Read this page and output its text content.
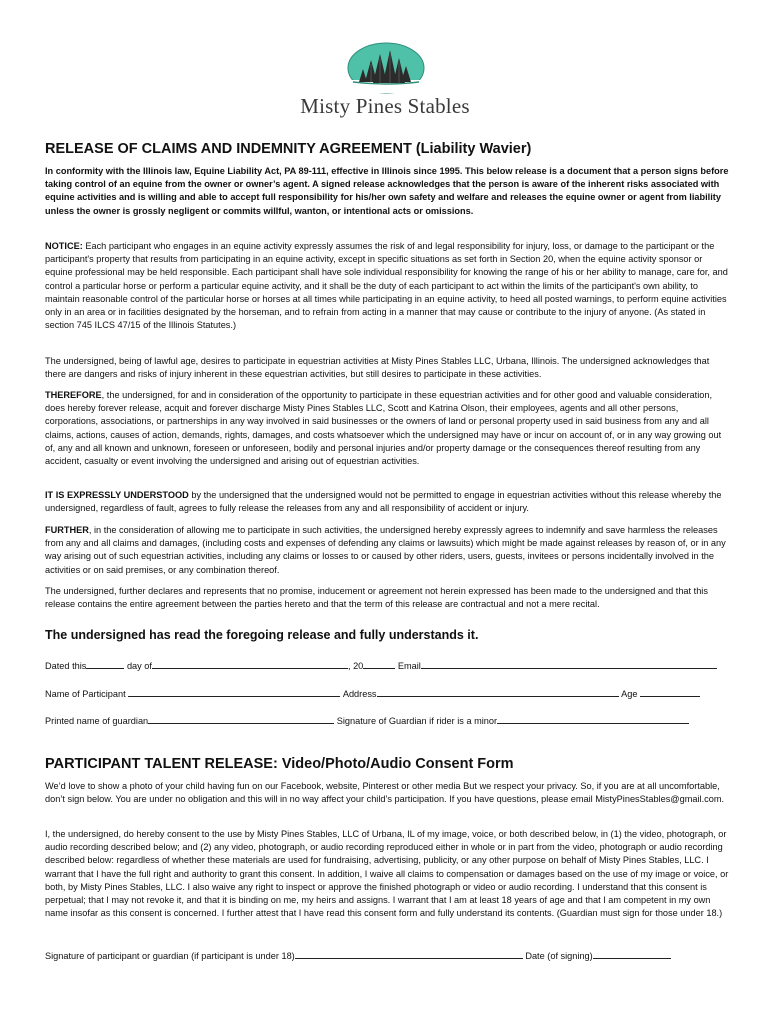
Misty Pines Stables
RELEASE OF CLAIMS AND INDEMNITY AGREEMENT (Liability Wavier)
In conformity with the Illinois law, Equine Liability Act, PA 89-111, effective in Illinois since 1995. This below release is a document that a person signs before taking control of an equine from the owner or owner’s agent. A signed release acknowledges that the person is aware of the inherent risks associated with equine activities and is willing and able to accept full responsibility for his/her own safety and welfare and releases the equine owner or agent from liability unless the owner is grossly negligent or commits willful, wanton, or intentional acts or omissions.
NOTICE: Each participant who engages in an equine activity expressly assumes the risk of and legal responsibility for injury, loss, or damage to the participant or the participant's property that results from participating in an equine activity, except in specific situations as set forth in Section 20, when the equine activity sponsor or equine professional may be held responsible. Each participant shall have sole individual responsibility for knowing the range of his or her ability to manage, care for, and control a particular horse or perform a particular equine activity, and it shall be the duty of each participant to act within the limits of the participant's own ability, to maintain reasonable control of the particular horse or horses at all times while participating in an equine activity, to heed all posted warnings, to perform equine activities only in an area or in facilities designated by the horseman, and to refrain from acting in a manner that may cause or contribute to the injury of anyone. (As stated in section 745 ILCS 47/15 of the Illinois Statutes.)
The undersigned, being of lawful age, desires to participate in equestrian activities at Misty Pines Stables LLC, Urbana, Illinois. The undersigned acknowledges that there are dangers and risks of injury inherent in these equestrian activities, but still desires to participate in these activities.
THEREFORE, the undersigned, for and in consideration of the opportunity to participate in these equestrian activities and for other good and valuable consideration, does hereby forever release, acquit and forever discharge Misty Pines Stables LLC, Scott and Katrina Olson, their employees, agents and all other persons, corporations, associations, or partnerships in any way involved in said businesses or the owners of land or personal property used in said business from any and all claims, actions, causes of action, demands, rights, damages, and costs whatsoever which the undersigned may have or incur on account of, or in any way growing out of, any and all known and unknown, foreseen or unforeseen, bodily and personal injuries and/or property damage or the consequences thereof resulting from any accident, casualty or event involving the undersigned and arising out of equestrian activities.
IT IS EXPRESSLY UNDERSTOOD by the undersigned that the undersigned would not be permitted to engage in equestrian activities without this release whereby the undersigned, regardless of fault, agrees to fully release the releases from any and all responsibility of accident or injury.
FURTHER, in the consideration of allowing me to participate in such activities, the undersigned hereby expressly agrees to indemnify and save harmless the releases from any and all claims and damages, (including costs and expenses of defending any claims or lawsuits) which might be made against releases by reason of, or in any way arising out of such equestrian activities, including any claims or losses to or caused by other riders, users, guests, invitees or persons incidentally involved in the activities or on said premises, or any combination thereof.
The undersigned, further declares and represents that no promise, inducement or agreement not herein expressed has been made to the undersigned and that this release contains the entire agreement between the parties hereto and that the term of this release are contractual and not a mere recital.
The undersigned has read the foregoing release and fully understands it.
Dated this	day of	, 20	Email
Name of Participant	Address	Age
Printed name of guardian	Signature of Guardian if rider is a minor
PARTICIPANT TALENT RELEASE: Video/Photo/Audio Consent Form
We’d love to show a photo of your child having fun on our Facebook, website, Pinterest or other media But we respect your privacy. So, if you are at all uncomfortable, don’t sign below. You are under no obligation and this will in no way affect your child’s participation. If you have questions, please email MistyPinesStables@gmail.com.
I, the undersigned, do hereby consent to the use by Misty Pines Stables, LLC of Urbana, IL of my image, voice, or both described below, in (1) the video, photograph, or audio recording described below; and (2) any video, photograph, or audio recording reproduced either in whole or in part from the video, photograph or audio recording described below: regardless of whether these materials are used for fundraising, advertising, publicity, or any other purpose on behalf of Misty Pines Stables, LLC. I warrant that I have the full right and authority to grant this consent. In addition, I waive all claims to compensation or damages based on the use of my image or voice, or both, by Misty Pines Stables, LLC. I also waive any right to inspect or approve the finished photograph or video or audio recording. I understand that this consent is perpetual; that I may not revoke it, and that it is binding on me, my heirs and assigns. I warrant that I am at least 18 years of age and that I am competent in my own name insofar as this consent is concerned. I further attest that I have read this consent form and fully understand its contents. (Guardian must sign for those under 18.)
Signature of participant or guardian (if participant is under 18)	Date (of signing)
